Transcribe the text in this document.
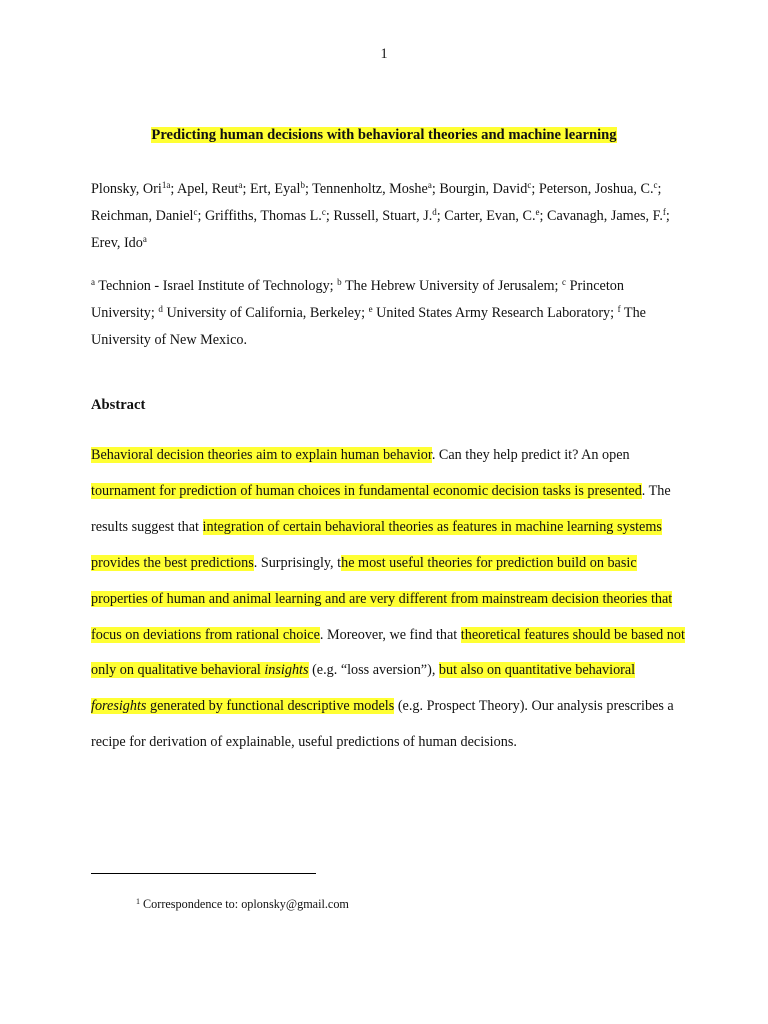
1
Predicting human decisions with behavioral theories and machine learning
Plonsky, Ori$^{1a}$; Apel, Reut$^a$; Ert, Eyal$^b$; Tennenholtz, Moshe$^a$; Bourgin, David$^c$; Peterson, Joshua, C.$^c$; Reichman, Daniel$^c$; Griffiths, Thomas L.$^c$; Russell, Stuart, J.$^d$; Carter, Evan, C.$^e$; Cavanagh, James, F.$^f$; Erev, Ido$^a$
$^a$ Technion - Israel Institute of Technology; $^b$ The Hebrew University of Jerusalem; $^c$ Princeton University; $^d$ University of California, Berkeley; $^e$ United States Army Research Laboratory; $^f$ The University of New Mexico.
Abstract
Behavioral decision theories aim to explain human behavior. Can they help predict it? An open tournament for prediction of human choices in fundamental economic decision tasks is presented. The results suggest that integration of certain behavioral theories as features in machine learning systems provides the best predictions. Surprisingly, the most useful theories for prediction build on basic properties of human and animal learning and are very different from mainstream decision theories that focus on deviations from rational choice. Moreover, we find that theoretical features should be based not only on qualitative behavioral insights (e.g. “loss aversion”), but also on quantitative behavioral foresights generated by functional descriptive models (e.g. Prospect Theory). Our analysis prescribes a recipe for derivation of explainable, useful predictions of human decisions.
$^1$ Correspondence to: oplonsky@gmail.com
